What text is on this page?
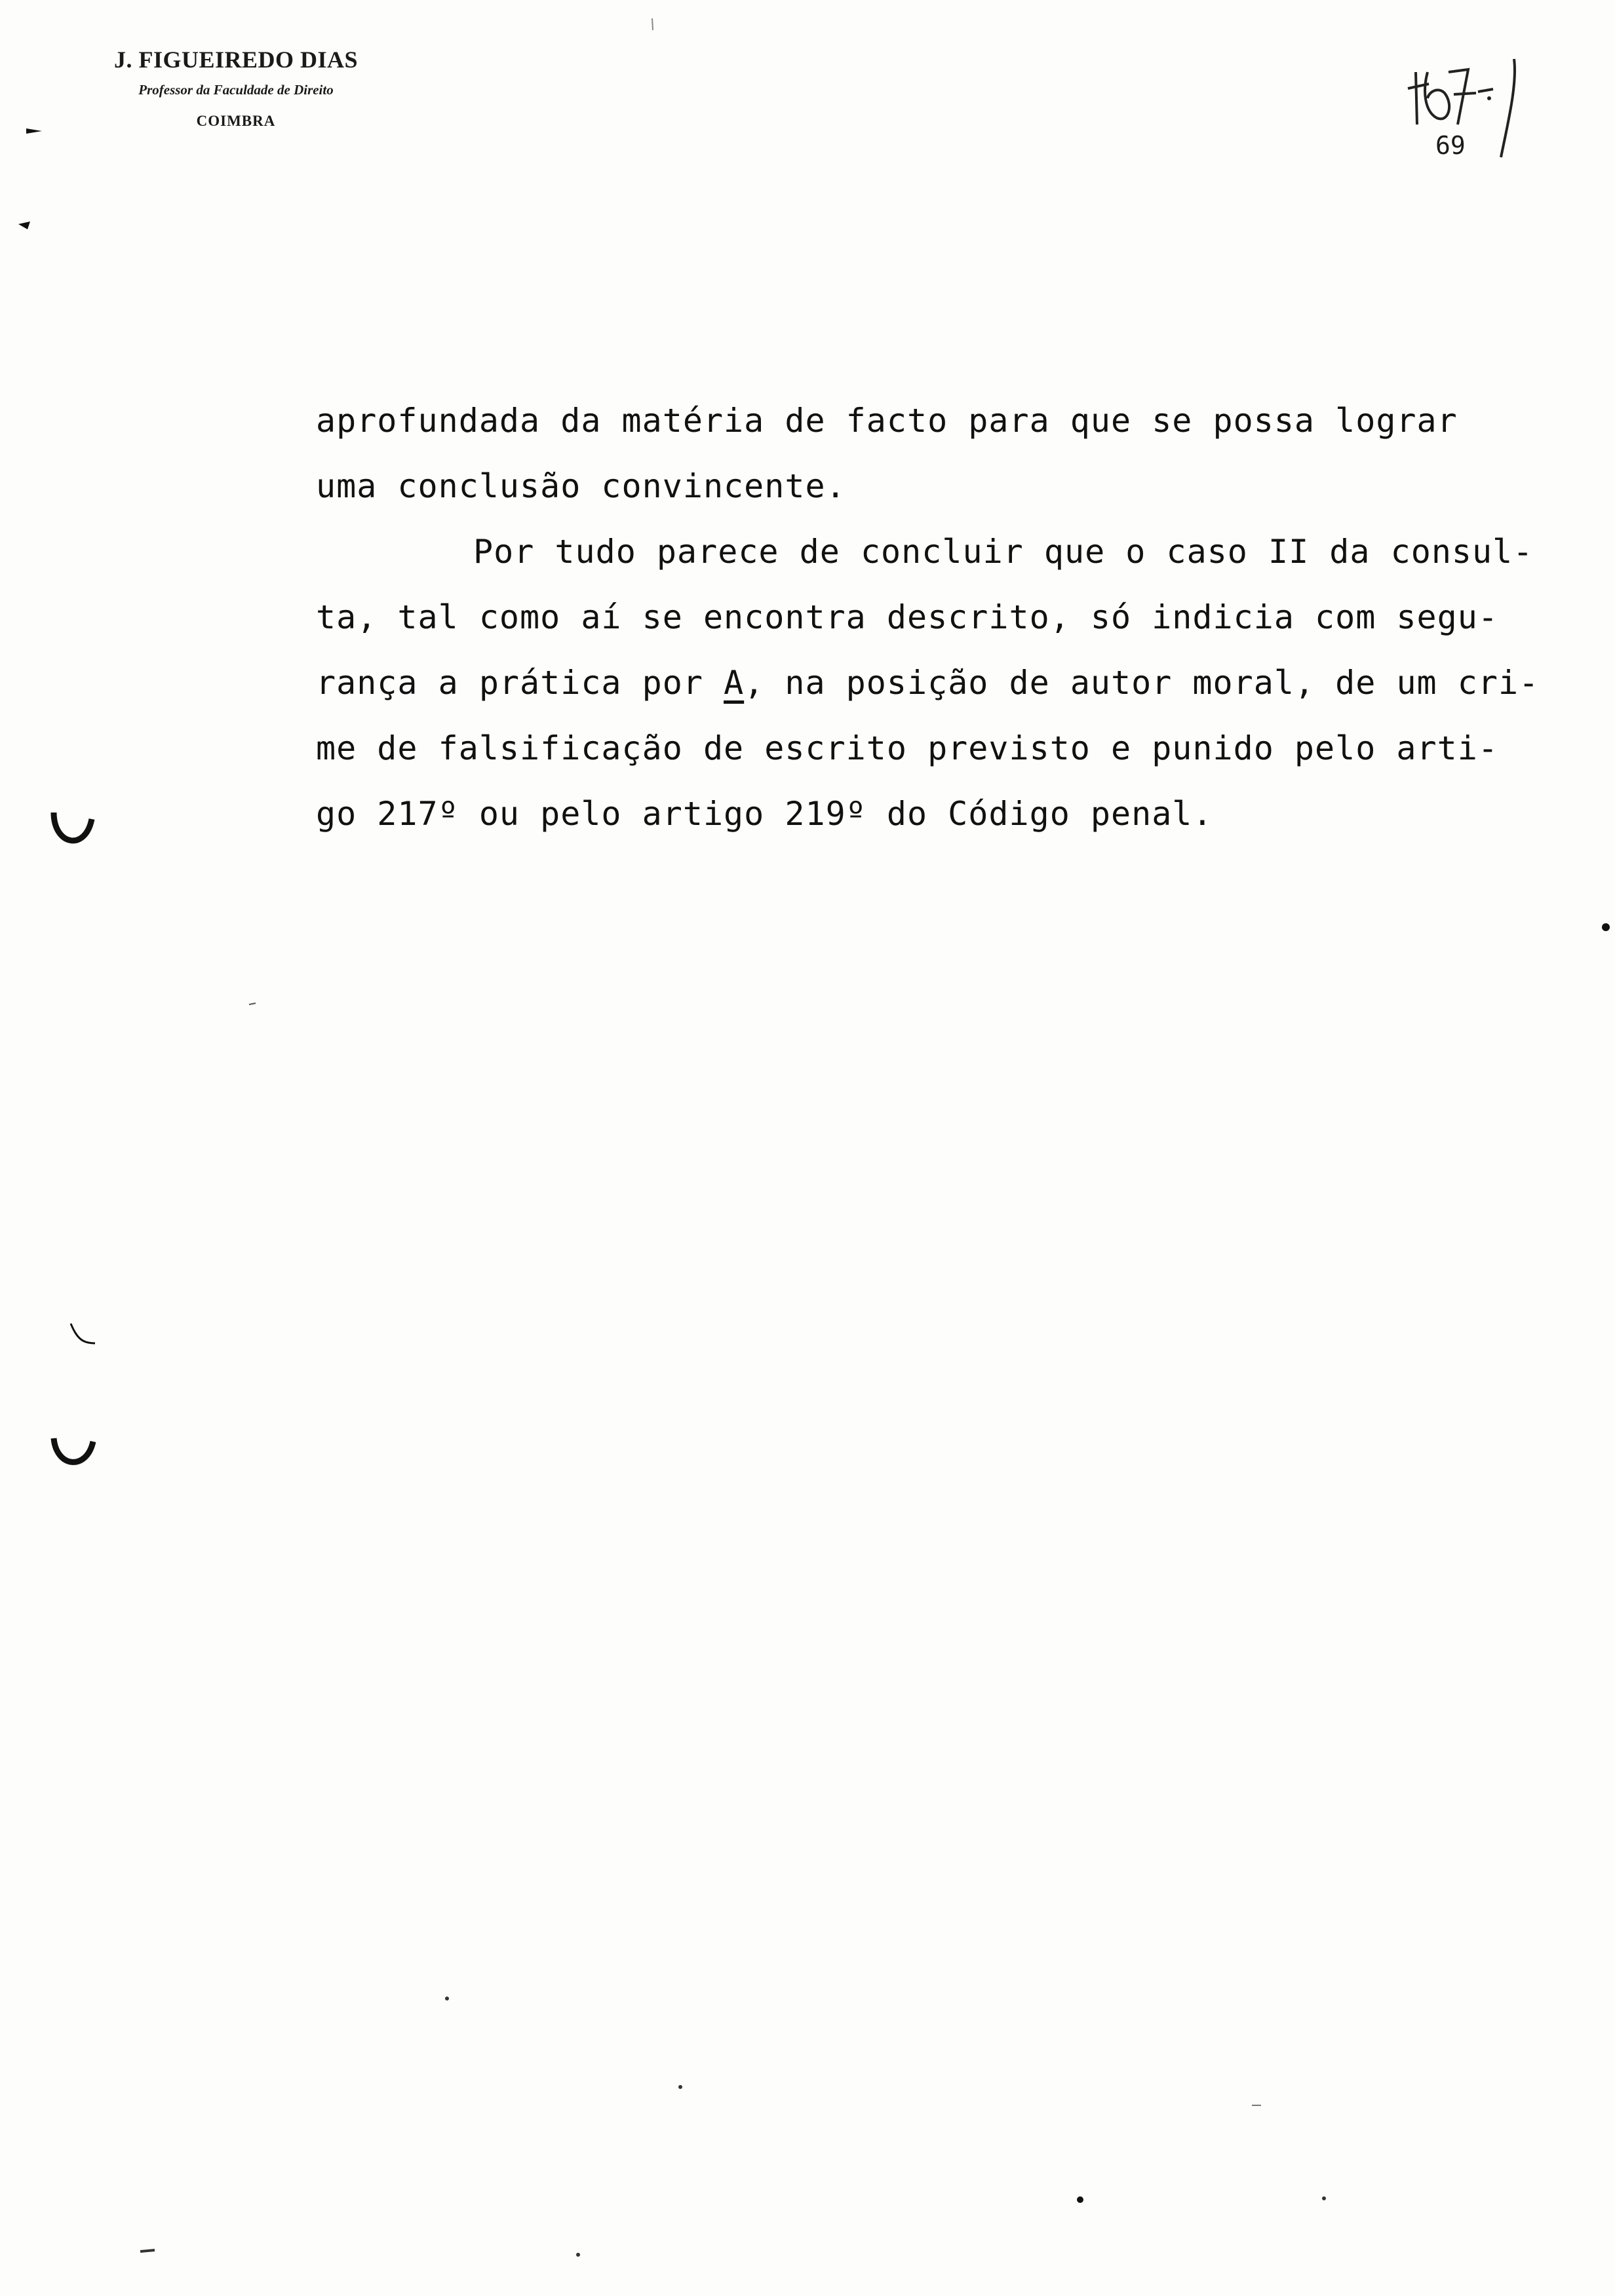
J. FIGUEIREDO DIAS
Professor da Faculdade de Direito
COIMBRA
69

aprofundada da matéria de facto para que se possa lograr

uma conclusão convincente.

Por tudo parece de concluir que o caso II da consul-

ta, tal como aí se encontra descrito, só indicia com segu-

rança a prática por A, na posição de autor moral, de um cri-

me de falsificação de escrito previsto e punido pelo arti-

go 217º ou pelo artigo 219º do Código penal.
